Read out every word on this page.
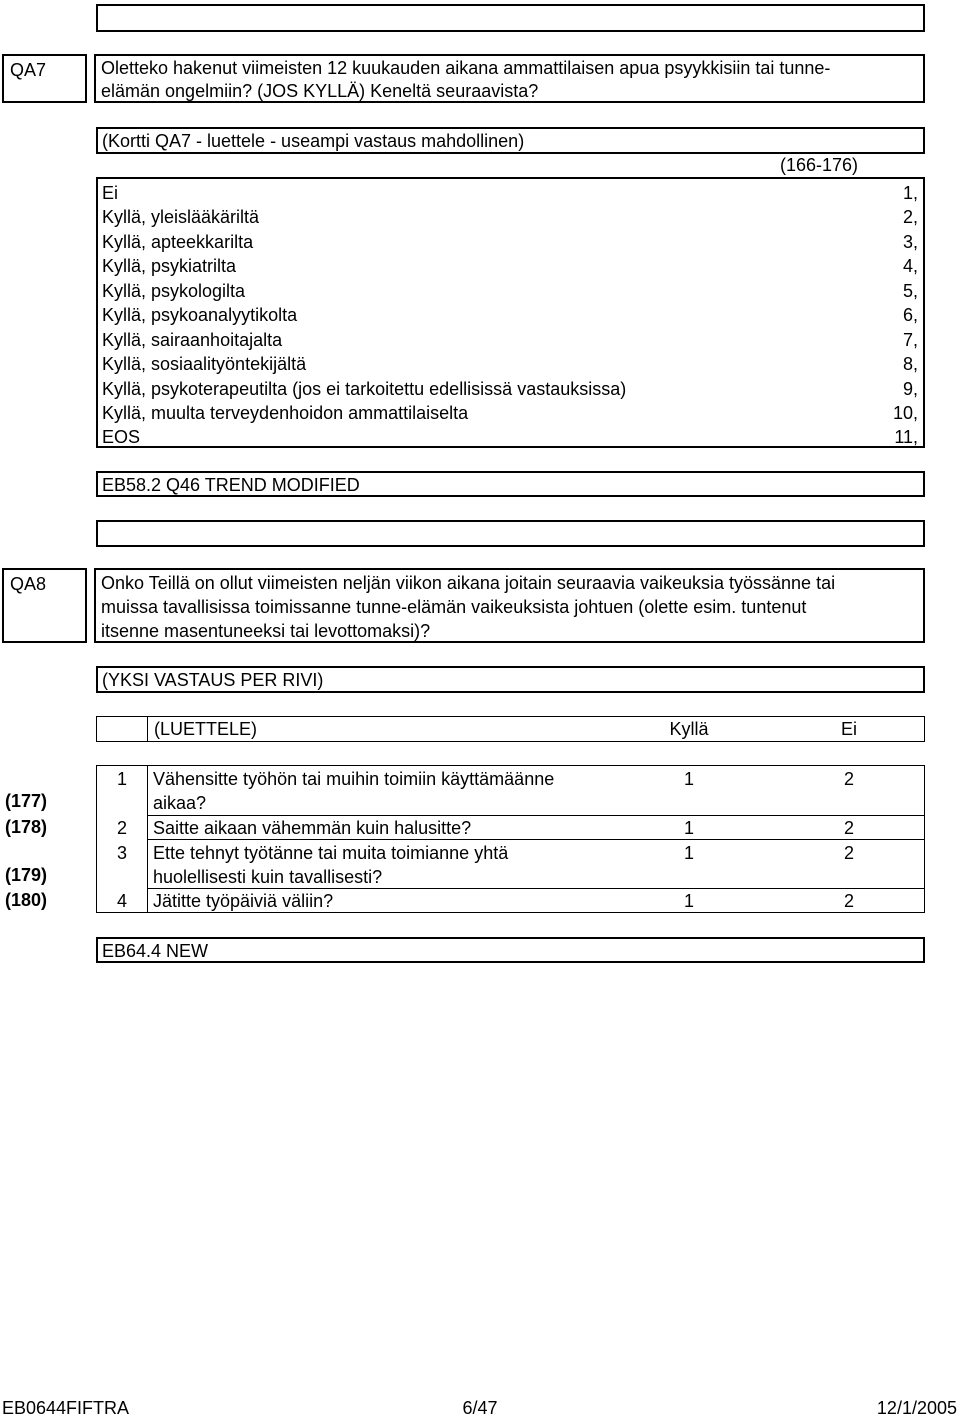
QA7	Oletteko hakenut viimeisten 12 kuukauden aikana ammattilaisen apua psyykkisiin tai tunne-
elämän ongelmiin? (JOS KYLLÄ) Keneltä seuraavista?
(Kortti QA7 - luettele - useampi vastaus mahdollinen)
(166-176)
Ei	1,
Kyllä, yleislääkäriltä	2,
Kyllä, apteekkarilta	3,
Kyllä, psykiatrilta	4,
Kyllä, psykologilta	5,
Kyllä, psykoanalyytikolta	6,
Kyllä, sairaanhoitajalta	7,
Kyllä, sosiaalityöntekijältä	8,
Kyllä, psykoterapeutilta (jos ei tarkoitettu edellisissä vastauksissa)	9,
Kyllä, muulta terveydenhoidon ammattilaiselta	10,
EOS	11,
EB58.2 Q46 TREND MODIFIED
QA8	Onko Teillä on ollut viimeisten neljän viikon aikana joitain seuraavia vaikeuksia työssänne tai
muissa tavallisissa toimissanne tunne-elämän vaikeuksista johtuen (olette esim. tuntenut
itsenne masentuneeksi tai levottomaksi)?
(YKSI VASTAUS PER RIVI)
(LUETTELE)	Kyllä	Ei
(177)
(178)
(179)
(180)
1	Vähensitte työhön tai muihin toimiin käyttämäänne
aikaa?
1	2
2	Saitte aikaan vähemmän kuin halusitte?	1	2
3	Ette tehnyt työtänne tai muita toimianne yhtä
huolellisesti kuin tavallisesti?
1	2
4	Jätitte työpäiviä väliin?	1	2
EB64.4 NEW
EB0644FIFTRA	6/47	12/1/2005
